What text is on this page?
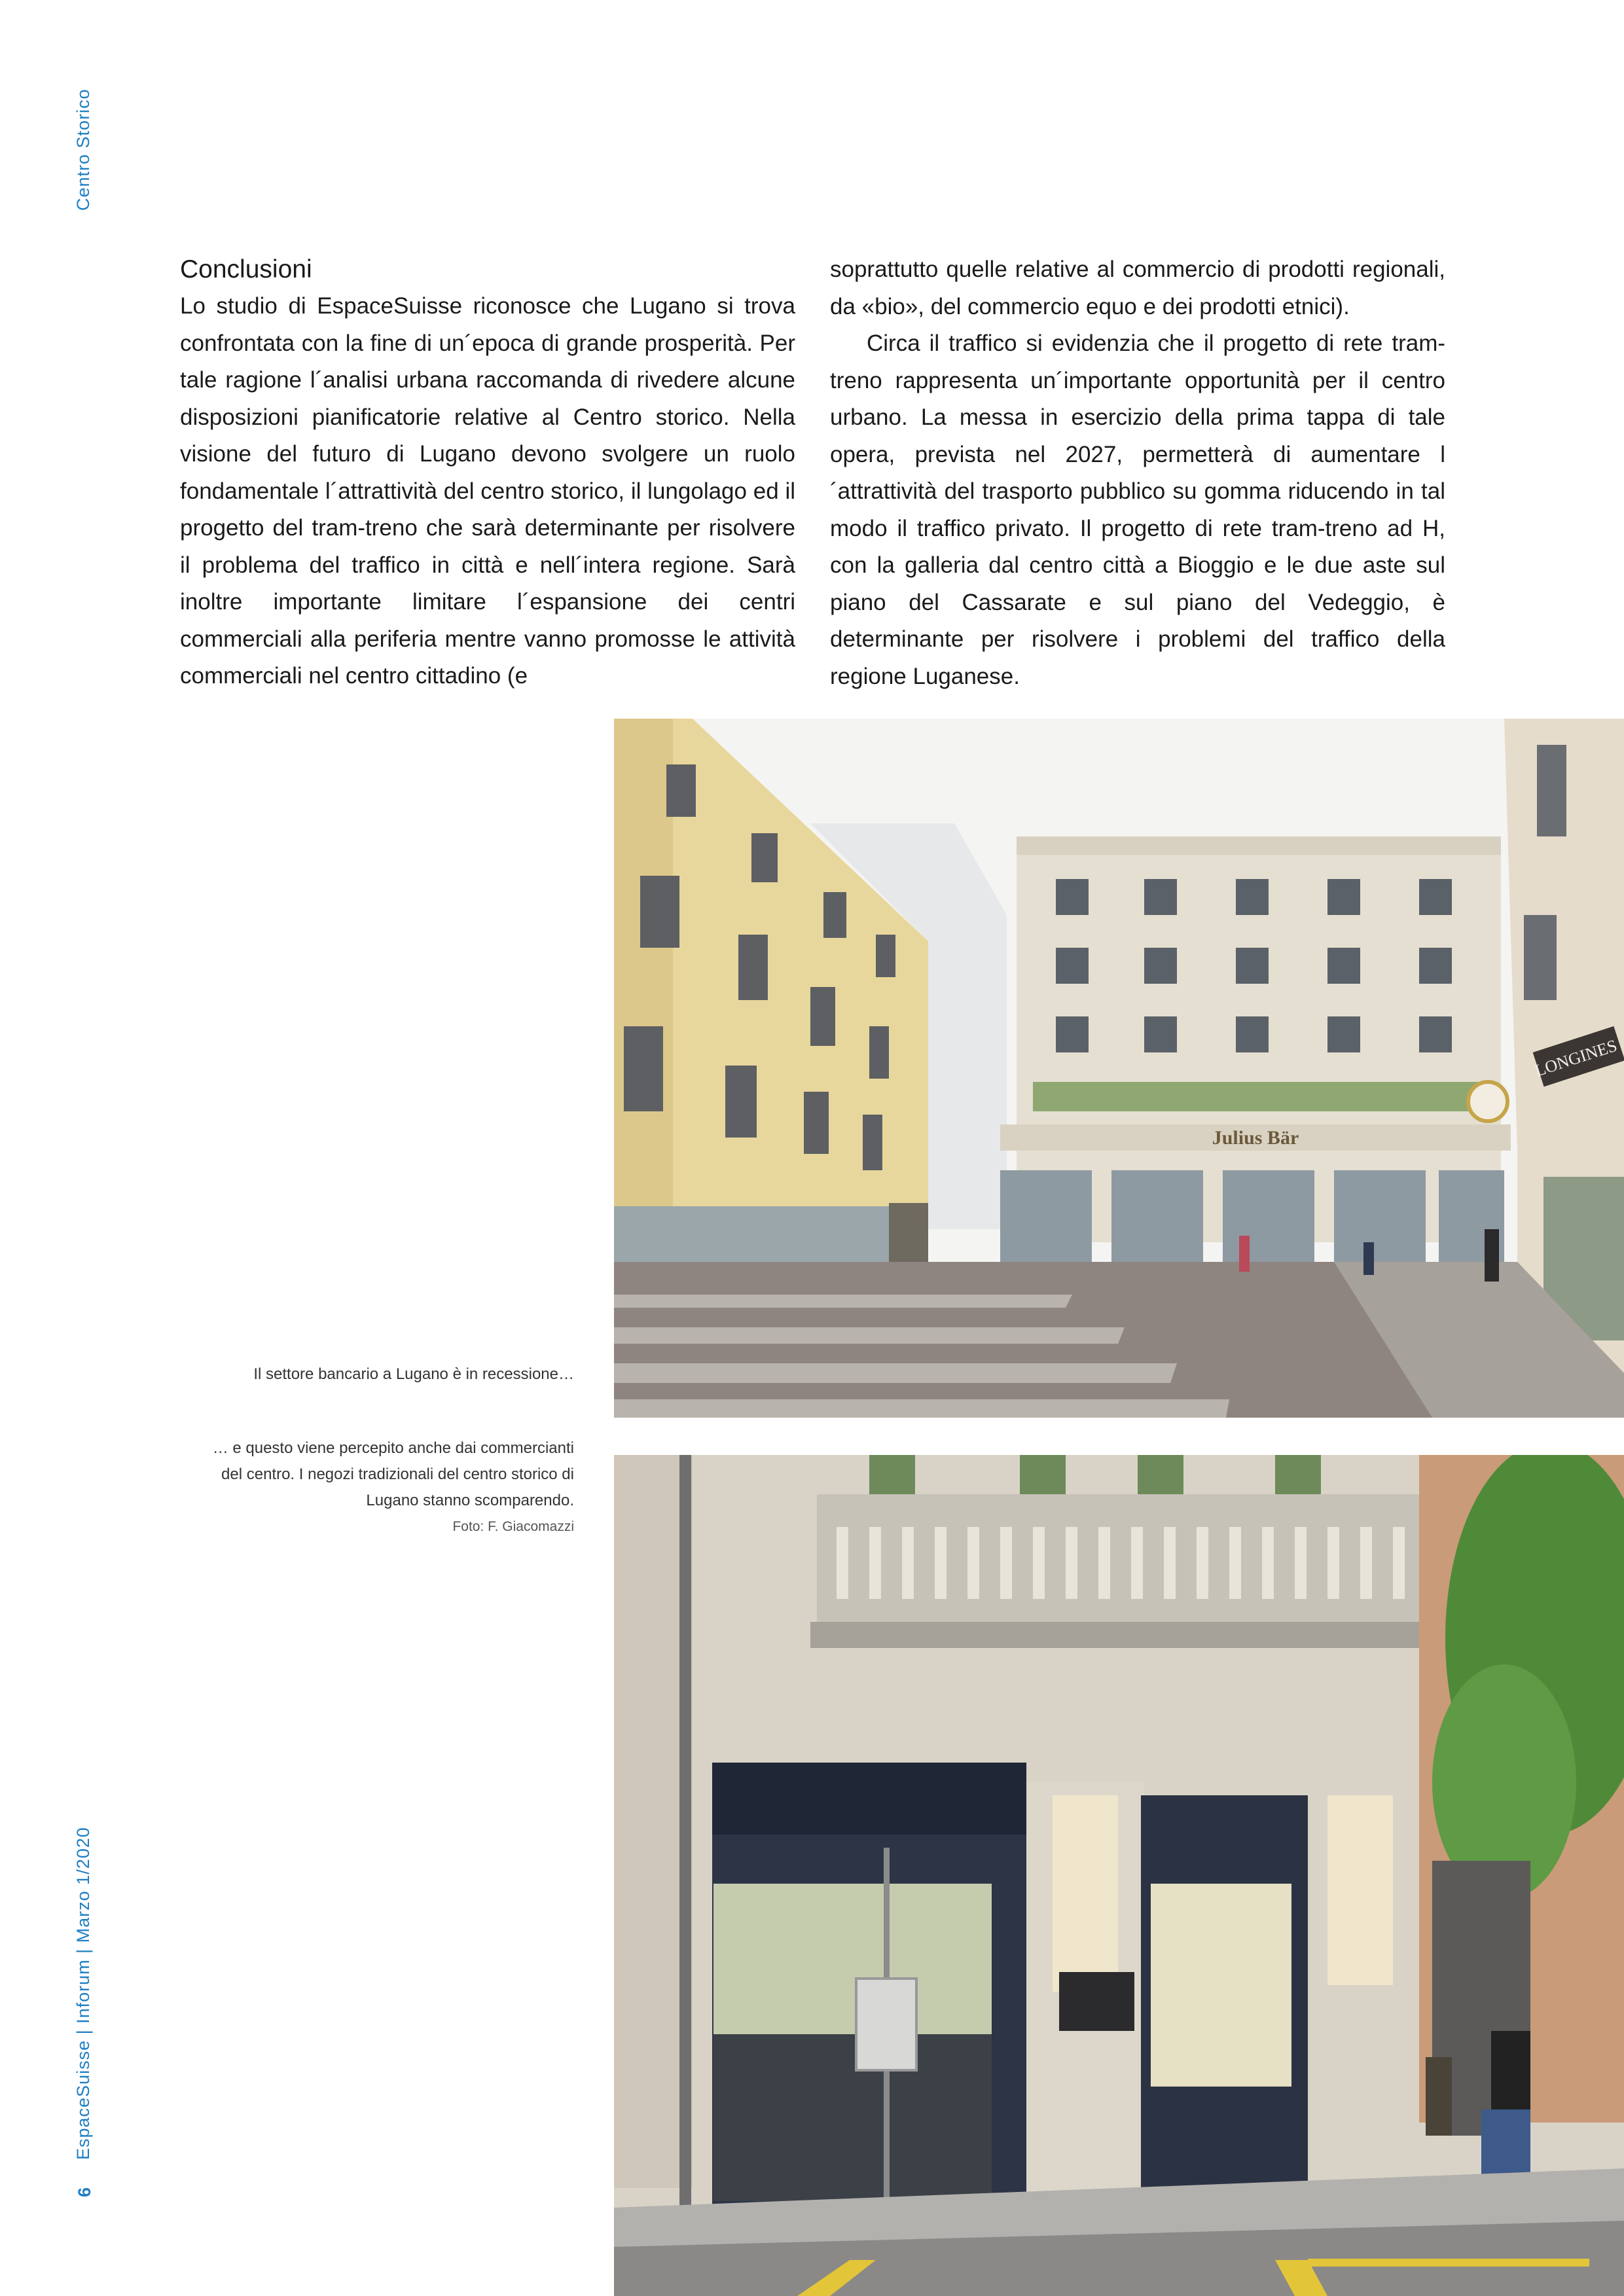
Centro Storico
EspaceSuisse | Inforum | Marzo 1/2020
6
Conclusioni

Lo studio di EspaceSuisse riconosce che Lugano si trova confrontata con la fine di un´epoca di grande prosperità. Per tale ragione l´analisi urbana raccomanda di rivedere alcune disposizioni pianificatorie relative al Centro storico. Nella visione del futuro di Lugano devono svolgere un ruolo fondamentale l´attrattività del centro storico, il lungolago ed il progetto del tram-treno che sarà determinante per risolvere il problema del traffico in città e nell´intera regione. Sarà inoltre importante limitare l´espansione dei centri commerciali alla periferia mentre vanno promosse le attività commerciali nel centro cittadino (e

soprattutto quelle relative al commercio di prodotti regionali, da «bio», del commercio equo e dei prodotti etnici).

Circa il traffico si evidenzia che il progetto di rete tram-treno rappresenta un´importante opportunità per il centro urbano. La messa in esercizio della prima tappa di tale opera, prevista nel 2027, permetterà di aumentare l´attrattività del trasporto pubblico su gomma riducendo in tal modo il traffico privato. Il progetto di rete tram-treno ad H, con la galleria dal centro città a Bioggio e le due aste sul piano del Cassarate e sul piano del Vedeggio, è determinante per risolvere i problemi del traffico della regione Luganese.

Il settore bancario a Lugano è in recessione…
… e questo viene percepito anche dai commercianti del centro. I negozi tradizionali del centro storico di Lugano stanno scomparendo.
Foto: F. Giacomazzi
Julius Bär
LONGINES
